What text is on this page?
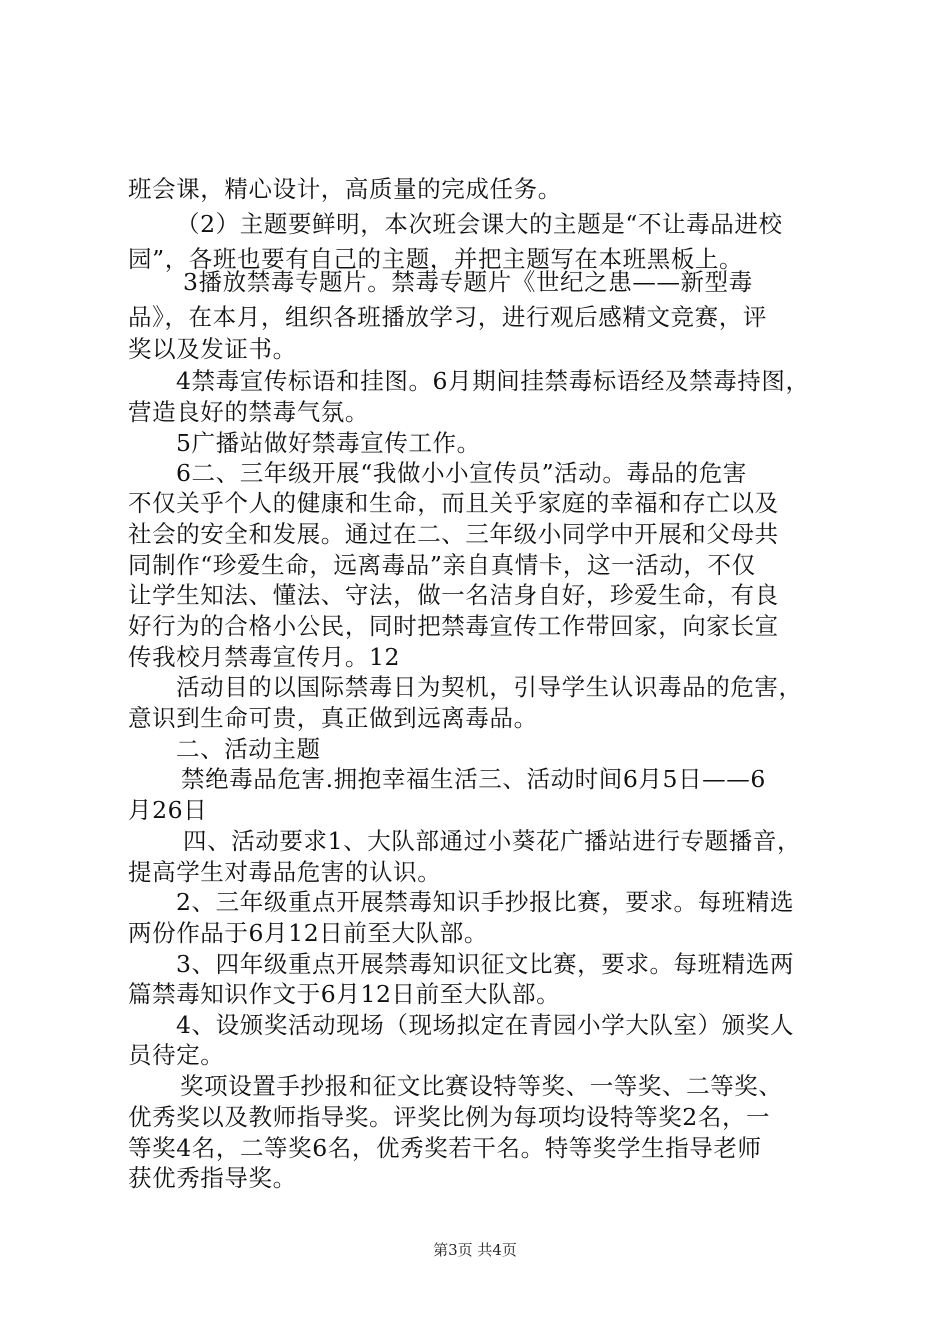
班会课，精心设计，高质量的完成任务。
（2）主题要鲜明，本次班会课大的主题是“不让毒品进校
园”，各班也要有自己的主题，并把主题写在本班黑板上。
3播放禁毒专题片。禁毒专题片《世纪之患——新型毒
品》，在本月，组织各班播放学习，进行观后感精文竞赛，评
奖以及发证书。
4禁毒宣传标语和挂图。6月期间挂禁毒标语经及禁毒持图，
营造良好的禁毒气氛。
5广播站做好禁毒宣传工作。
6二、三年级开展“我做小小宣传员”活动。毒品的危害
不仅关乎个人的健康和生命，而且关乎家庭的幸福和存亡以及
社会的安全和发展。通过在二、三年级小同学中开展和父母共
同制作“珍爱生命，远离毒品”亲自真情卡，这一活动，不仅
让学生知法、懂法、守法，做一名洁身自好，珍爱生命，有良
好行为的合格小公民，同时把禁毒宣传工作带回家，向家长宣
传我校月禁毒宣传月。12
活动目的以国际禁毒日为契机，引导学生认识毒品的危害，
意识到生命可贵，真正做到远离毒品。
二、活动主题
禁绝毒品危害.拥抱幸福生活三、活动时间6月5日——6
月26日
四、活动要求1、大队部通过小葵花广播站进行专题播音，
提高学生对毒品危害的认识。
2、三年级重点开展禁毒知识手抄报比赛，要求。每班精选
两份作品于6月12日前至大队部。
3、四年级重点开展禁毒知识征文比赛，要求。每班精选两
篇禁毒知识作文于6月12日前至大队部。
4、设颁奖活动现场（现场拟定在青园小学大队室）颁奖人
员待定。
奖项设置手抄报和征文比赛设特等奖、一等奖、二等奖、
优秀奖以及教师指导奖。评奖比例为每项均设特等奖2名，一
等奖4名，二等奖6名，优秀奖若干名。特等奖学生指导老师
获优秀指导奖。
第3页 共4页
